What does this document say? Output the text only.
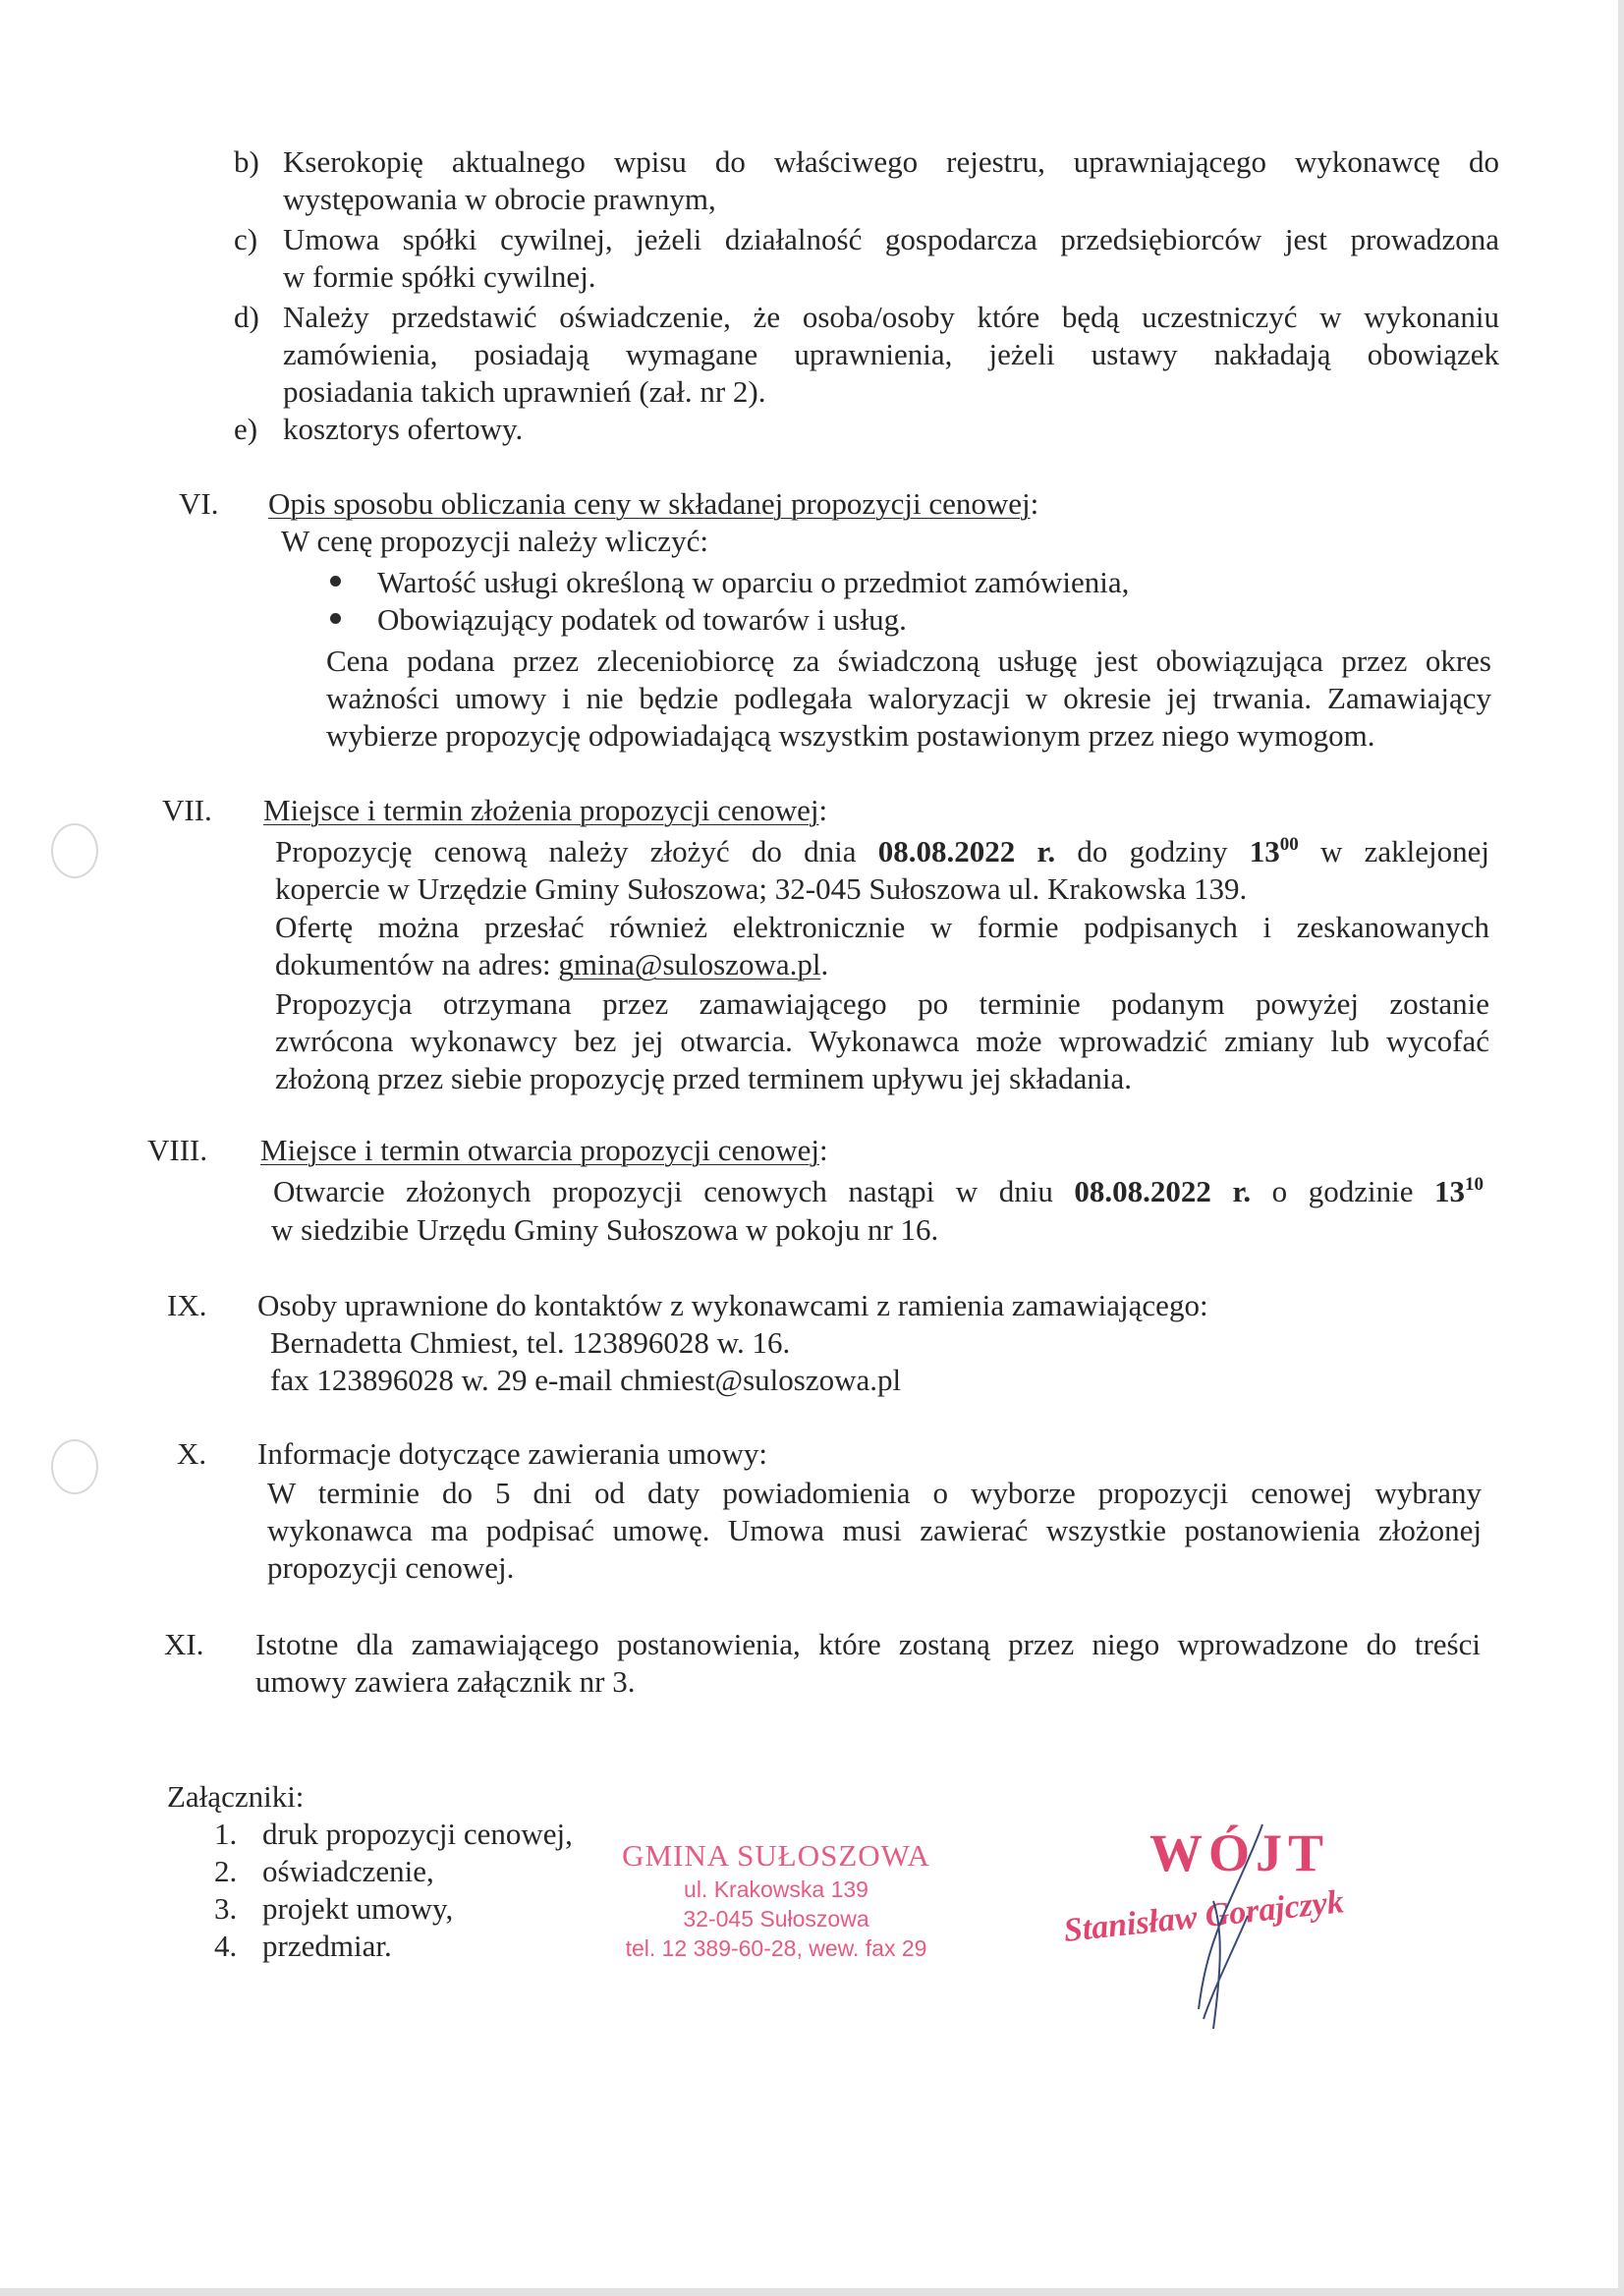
b) Kserokopię aktualnego wpisu do właściwego rejestru, uprawniającego wykonawcę do
występowania w obrocie prawnym,
c) Umowa spółki cywilnej, jeżeli działalność gospodarcza przedsiębiorców jest prowadzona
w formie spółki cywilnej.
d) Należy przedstawić oświadczenie, że osoba/osoby które będą uczestniczyć w wykonaniu
zamówienia, posiadają wymagane uprawnienia, jeżeli ustawy nakładają obowiązek
posiadania takich uprawnień (zał. nr 2).
e) kosztorys ofertowy.
VI. Opis sposobu obliczania ceny w składanej propozycji cenowej:
W cenę propozycji należy wliczyć:
Wartość usługi określoną w oparciu o przedmiot zamówienia,
Obowiązujący podatek od towarów i usług.
Cena podana przez zleceniobiorcę za świadczoną usługę jest obowiązująca przez okres
ważności umowy i nie będzie podlegała waloryzacji w okresie jej trwania. Zamawiający
wybierze propozycję odpowiadającą wszystkim postawionym przez niego wymogom.
VII. Miejsce i termin złożenia propozycji cenowej:
Propozycję cenową należy złożyć do dnia 08.08.2022 r. do godziny $13^{00}$ w zaklejonej
kopercie w Urzędzie Gminy Sułoszowa; 32-045 Sułoszowa ul. Krakowska 139.
Ofertę można przesłać również elektronicznie w formie podpisanych i zeskanowanych
dokumentów na adres: gmina@suloszowa.pl.
Propozycja otrzymana przez zamawiającego po terminie podanym powyżej zostanie
zwrócona wykonawcy bez jej otwarcia. Wykonawca może wprowadzić zmiany lub wycofać
złożoną przez siebie propozycję przed terminem upływu jej składania.
VIII. Miejsce i termin otwarcia propozycji cenowej:
Otwarcie złożonych propozycji cenowych nastąpi w dniu 08.08.2022 r. o godzinie $13^{10}$
w siedzibie Urzędu Gminy Sułoszowa w pokoju nr 16.
IX. Osoby uprawnione do kontaktów z wykonawcami z ramienia zamawiającego:
Bernadetta Chmiest, tel. 123896028 w. 16.
fax 123896028 w. 29 e-mail chmiest@suloszowa.pl
X. Informacje dotyczące zawierania umowy:
W terminie do 5 dni od daty powiadomienia o wyborze propozycji cenowej wybrany
wykonawca ma podpisać umowę. Umowa musi zawierać wszystkie postanowienia złożonej
propozycji cenowej.
XI. Istotne dla zamawiającego postanowienia, które zostaną przez niego wprowadzone do treści
umowy zawiera załącznik nr 3.
Załączniki:
1. druk propozycji cenowej,
2. oświadczenie,
3. projekt umowy,
4. przedmiar.
GMINA SUŁOSZOWA
ul. Krakowska 139
32-045 Sułoszowa
tel. 12 389-60-28, wew. fax 29
WÓJT
Stanisław Gorajczyk
